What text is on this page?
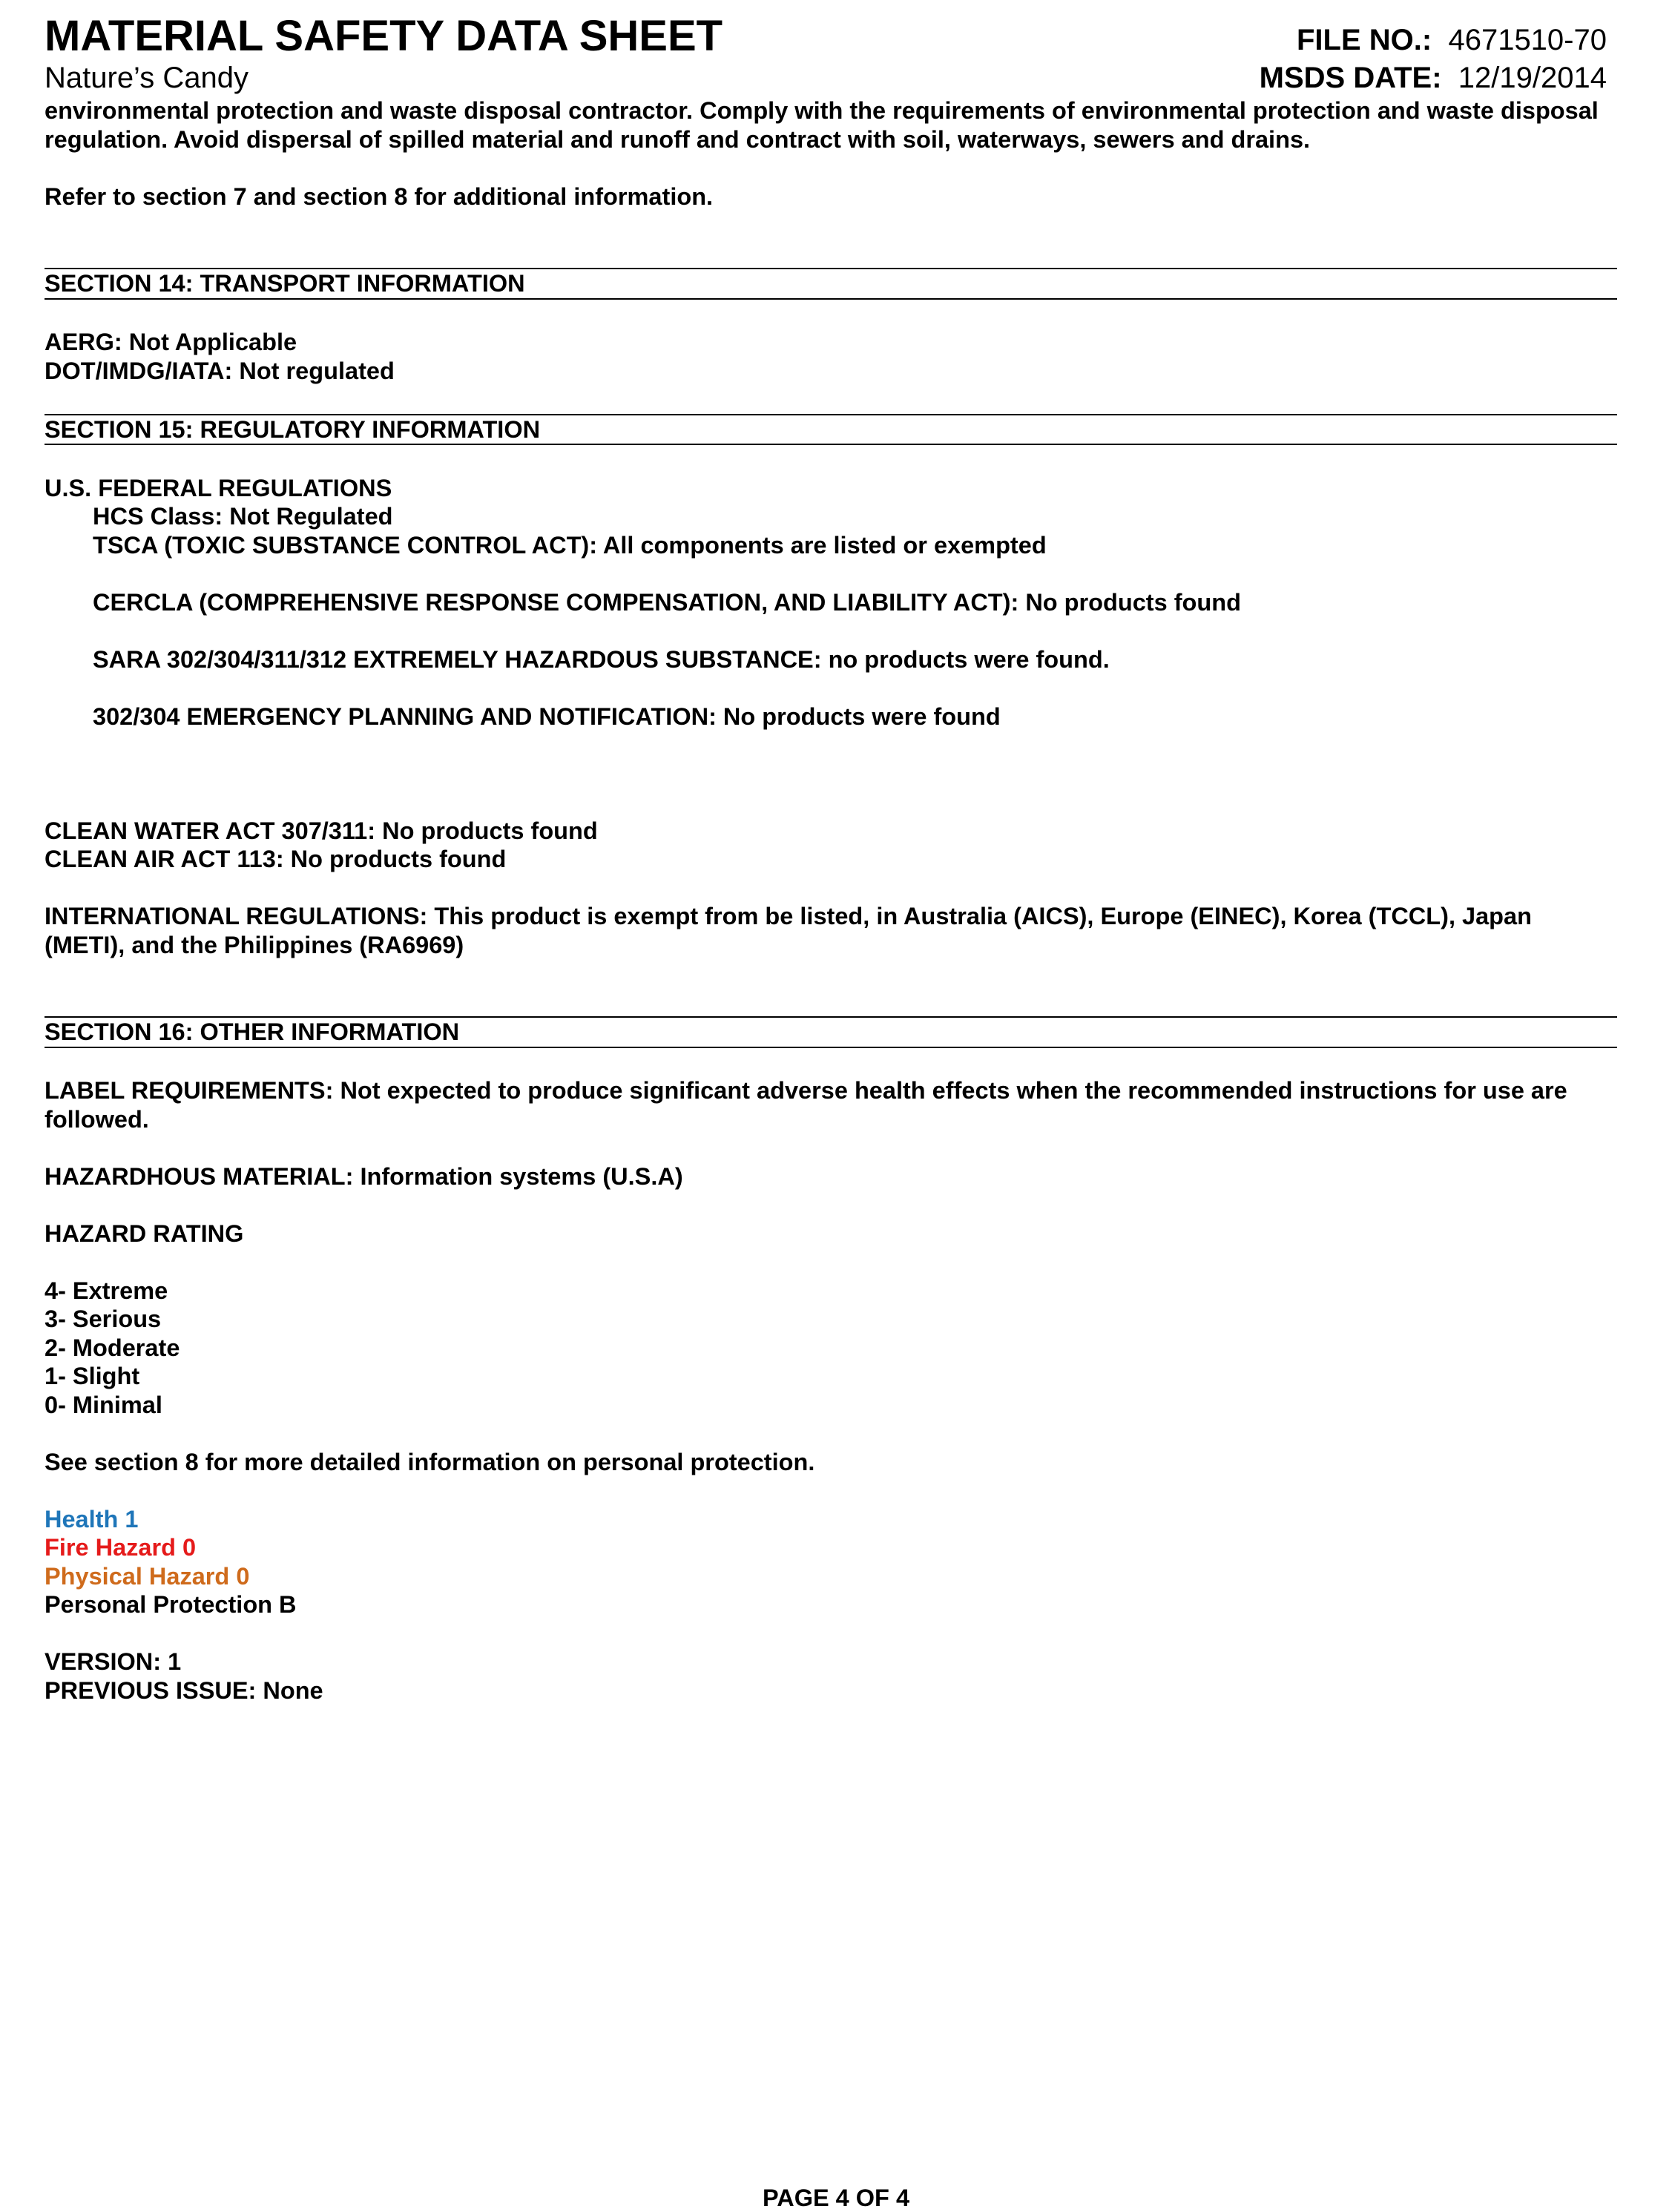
MATERIAL SAFETY DATA SHEET
Nature’s Candy
FILE NO.: 4671510-70
MSDS DATE: 12/19/2014

environmental protection and waste disposal contractor. Comply with the requirements of environmental protection and waste disposal regulation. Avoid dispersal of spilled material and runoff and contract with soil, waterways, sewers and drains.

Refer to section 7 and section 8 for additional information.

SECTION 14: TRANSPORT INFORMATION

AERG: Not Applicable

DOT/IMDG/IATA: Not regulated

SECTION 15: REGULATORY INFORMATION

U.S. FEDERAL REGULATIONS

HCS Class: Not Regulated

TSCA (TOXIC SUBSTANCE CONTROL ACT): All components are listed or exempted

CERCLA (COMPREHENSIVE RESPONSE COMPENSATION, AND LIABILITY ACT): No products found

SARA 302/304/311/312 EXTREMELY HAZARDOUS SUBSTANCE: no products were found.

302/304 EMERGENCY PLANNING AND NOTIFICATION: No products were found

CLEAN WATER ACT 307/311: No products found

CLEAN AIR ACT 113: No products found

INTERNATIONAL REGULATIONS: This product is exempt from be listed, in Australia (AICS), Europe (EINEC), Korea (TCCL), Japan (METI), and the Philippines (RA6969)

SECTION 16: OTHER INFORMATION

LABEL REQUIREMENTS: Not expected to produce significant adverse health effects when the recommended instructions for use are followed.

HAZARDHOUS MATERIAL: Information systems (U.S.A)

HAZARD RATING

4- Extreme

3- Serious

2- Moderate

1- Slight

0- Minimal

See section 8 for more detailed information on personal protection.

Health 1

Fire Hazard 0

Physical Hazard 0

Personal Protection B

VERSION: 1

PREVIOUS ISSUE: None

PAGE 4 OF 4
